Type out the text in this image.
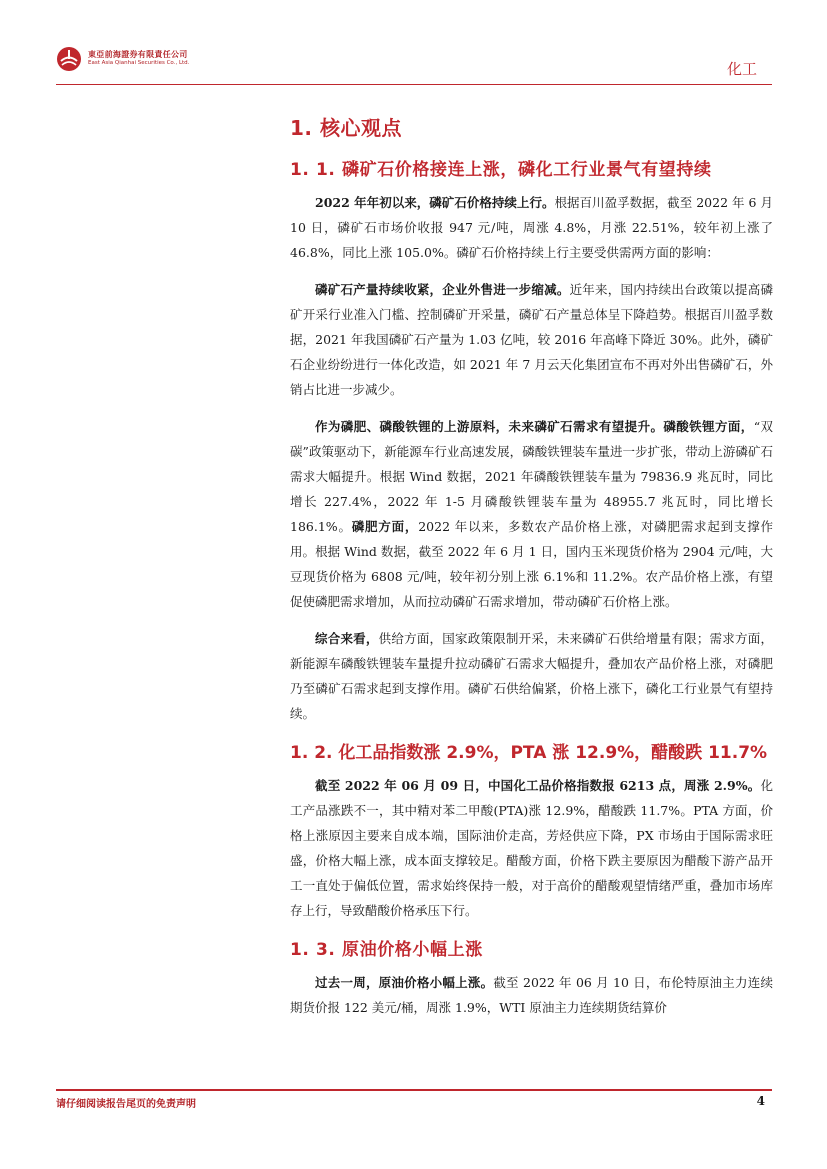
東亞前海證券有限責任公司
East Asia Qianhai Securities Co., Ltd.	化工
1. 核心观点
1. 1. 磷矿石价格接连上涨，磷化工行业景气有望持续

2022 年年初以来，磷矿石价格持续上行。根据百川盈孚数据，截至 2022 年 6 月 10 日，磷矿石市场价收报 947 元/吨，周涨 4.8%，月涨 22.51%，较年初上涨了 46.8%，同比上涨 105.0%。磷矿石价格持续上行主要受供需两方面的影响：

磷矿石产量持续收紧，企业外售进一步缩减。近年来，国内持续出台政策以提高磷矿开采行业准入门槛、控制磷矿开采量，磷矿石产量总体呈下降趋势。根据百川盈孚数据，2021 年我国磷矿石产量为 1.03 亿吨，较 2016 年高峰下降近 30%。此外，磷矿石企业纷纷进行一体化改造，如 2021 年 7 月云天化集团宣布不再对外出售磷矿石，外销占比进一步减少。

作为磷肥、磷酸铁锂的上游原料，未来磷矿石需求有望提升。磷酸铁锂方面，“双碳”政策驱动下，新能源车行业高速发展，磷酸铁锂装车量进一步扩张，带动上游磷矿石需求大幅提升。根据 Wind 数据，2021 年磷酸铁锂装车量为 79836.9 兆瓦时，同比增长 227.4%，2022 年 1-5 月磷酸铁锂装车量为 48955.7 兆瓦时，同比增长 186.1%。磷肥方面，2022 年以来，多数农产品价格上涨，对磷肥需求起到支撑作用。根据 Wind 数据，截至 2022 年 6 月 1 日，国内玉米现货价格为 2904 元/吨，大豆现货价格为 6808 元/吨，较年初分别上涨 6.1%和 11.2%。农产品价格上涨，有望促使磷肥需求增加，从而拉动磷矿石需求增加，带动磷矿石价格上涨。

综合来看，供给方面，国家政策限制开采，未来磷矿石供给增量有限；需求方面，新能源车磷酸铁锂装车量提升拉动磷矿石需求大幅提升，叠加农产品价格上涨，对磷肥乃至磷矿石需求起到支撑作用。磷矿石供给偏紧，价格上涨下，磷化工行业景气有望持续。

1. 2. 化工品指数涨 2.9%，PTA 涨 12.9%，醋酸跌 11.7%

截至 2022 年 06 月 09 日，中国化工品价格指数报 6213 点，周涨 2.9%。化工产品涨跌不一，其中精对苯二甲酸(PTA)涨 12.9%，醋酸跌 11.7%。PTA 方面，价格上涨原因主要来自成本端，国际油价走高，芳烃供应下降，PX 市场由于国际需求旺盛，价格大幅上涨，成本面支撑较足。醋酸方面，价格下跌主要原因为醋酸下游产品开工一直处于偏低位置，需求始终保持一般，对于高价的醋酸观望情绪严重，叠加市场库存上行，导致醋酸价格承压下行。

1. 3. 原油价格小幅上涨

过去一周，原油价格小幅上涨。截至 2022 年 06 月 10 日，布伦特原油主力连续期货价报 122 美元/桶，周涨 1.9%，WTI 原油主力连续期货结算价

请仔细阅读报告尾页的免责声明	4
